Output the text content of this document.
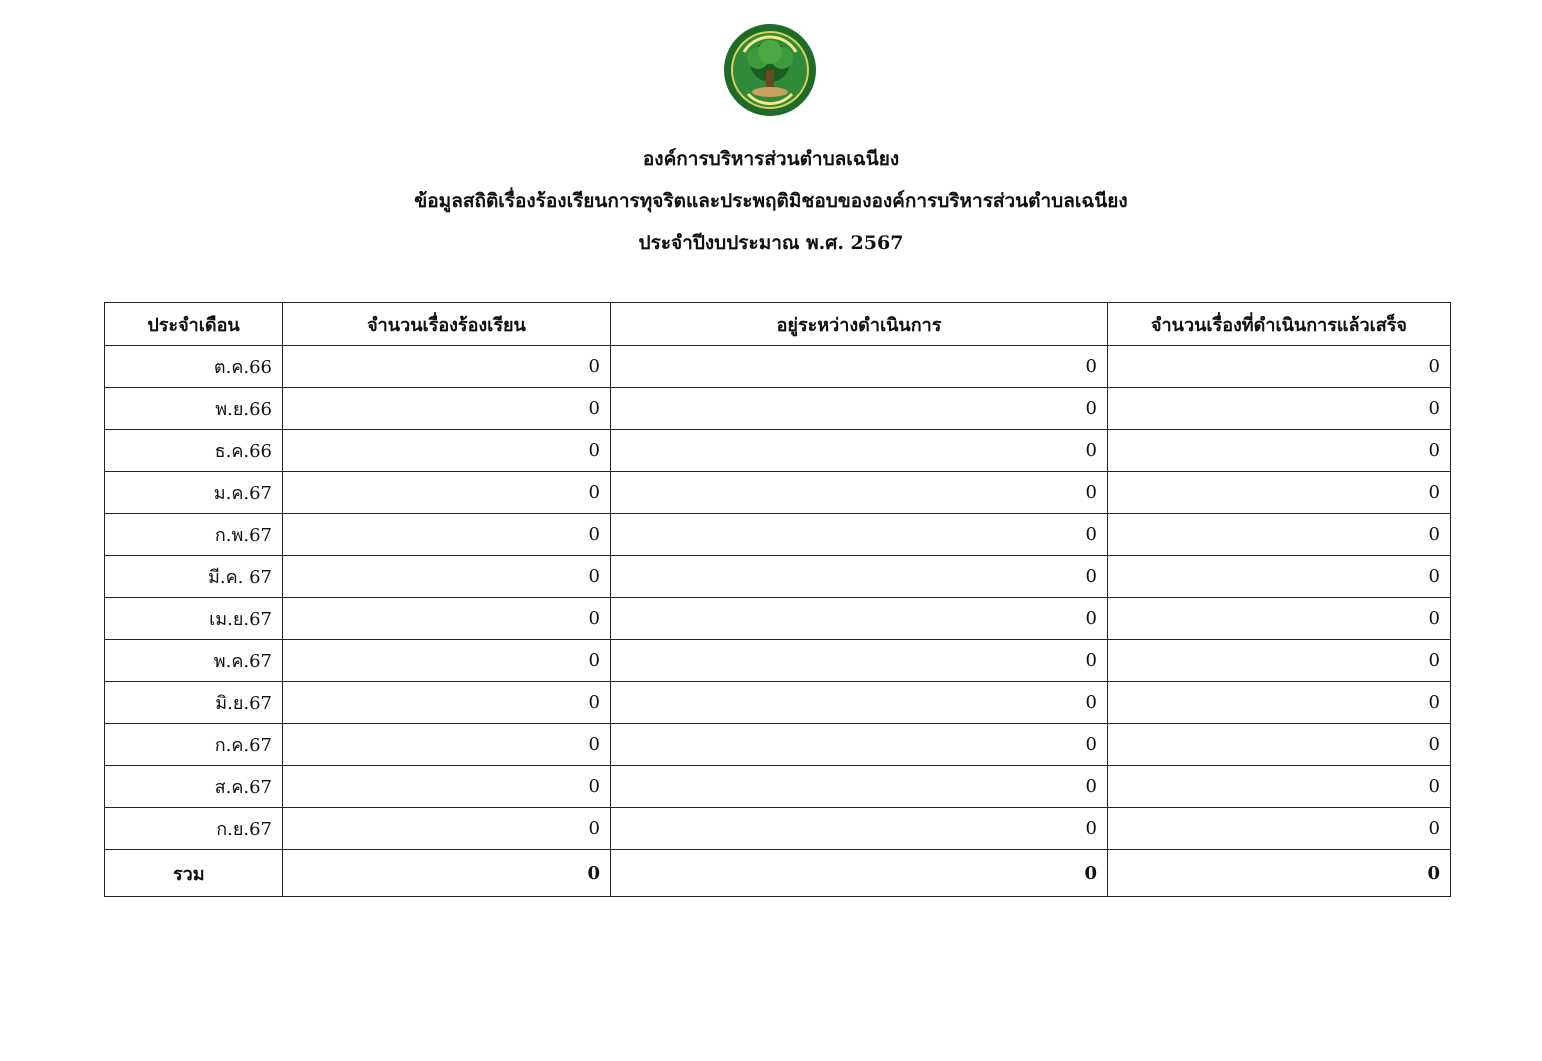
องค์การบริหารส่วนตำบลเฉนียง
ข้อมูลสถิติเรื่องร้องเรียนการทุจริตและประพฤติมิชอบขององค์การบริหารส่วนตำบลเฉนียง
ประจำปีงบประมาณ พ.ศ. 2567
ประจำเดือน	จำนวนเรื่องร้องเรียน	อยู่ระหว่างดำเนินการ	จำนวนเรื่องที่ดำเนินการแล้วเสร็จ
ต.ค.66	0	0	0
พ.ย.66	0	0	0
ธ.ค.66	0	0	0
ม.ค.67	0	0	0
ก.พ.67	0	0	0
มี.ค. 67	0	0	0
เม.ย.67	0	0	0
พ.ค.67	0	0	0
มิ.ย.67	0	0	0
ก.ค.67	0	0	0
ส.ค.67	0	0	0
ก.ย.67	0	0	0
รวม	0	0	0
